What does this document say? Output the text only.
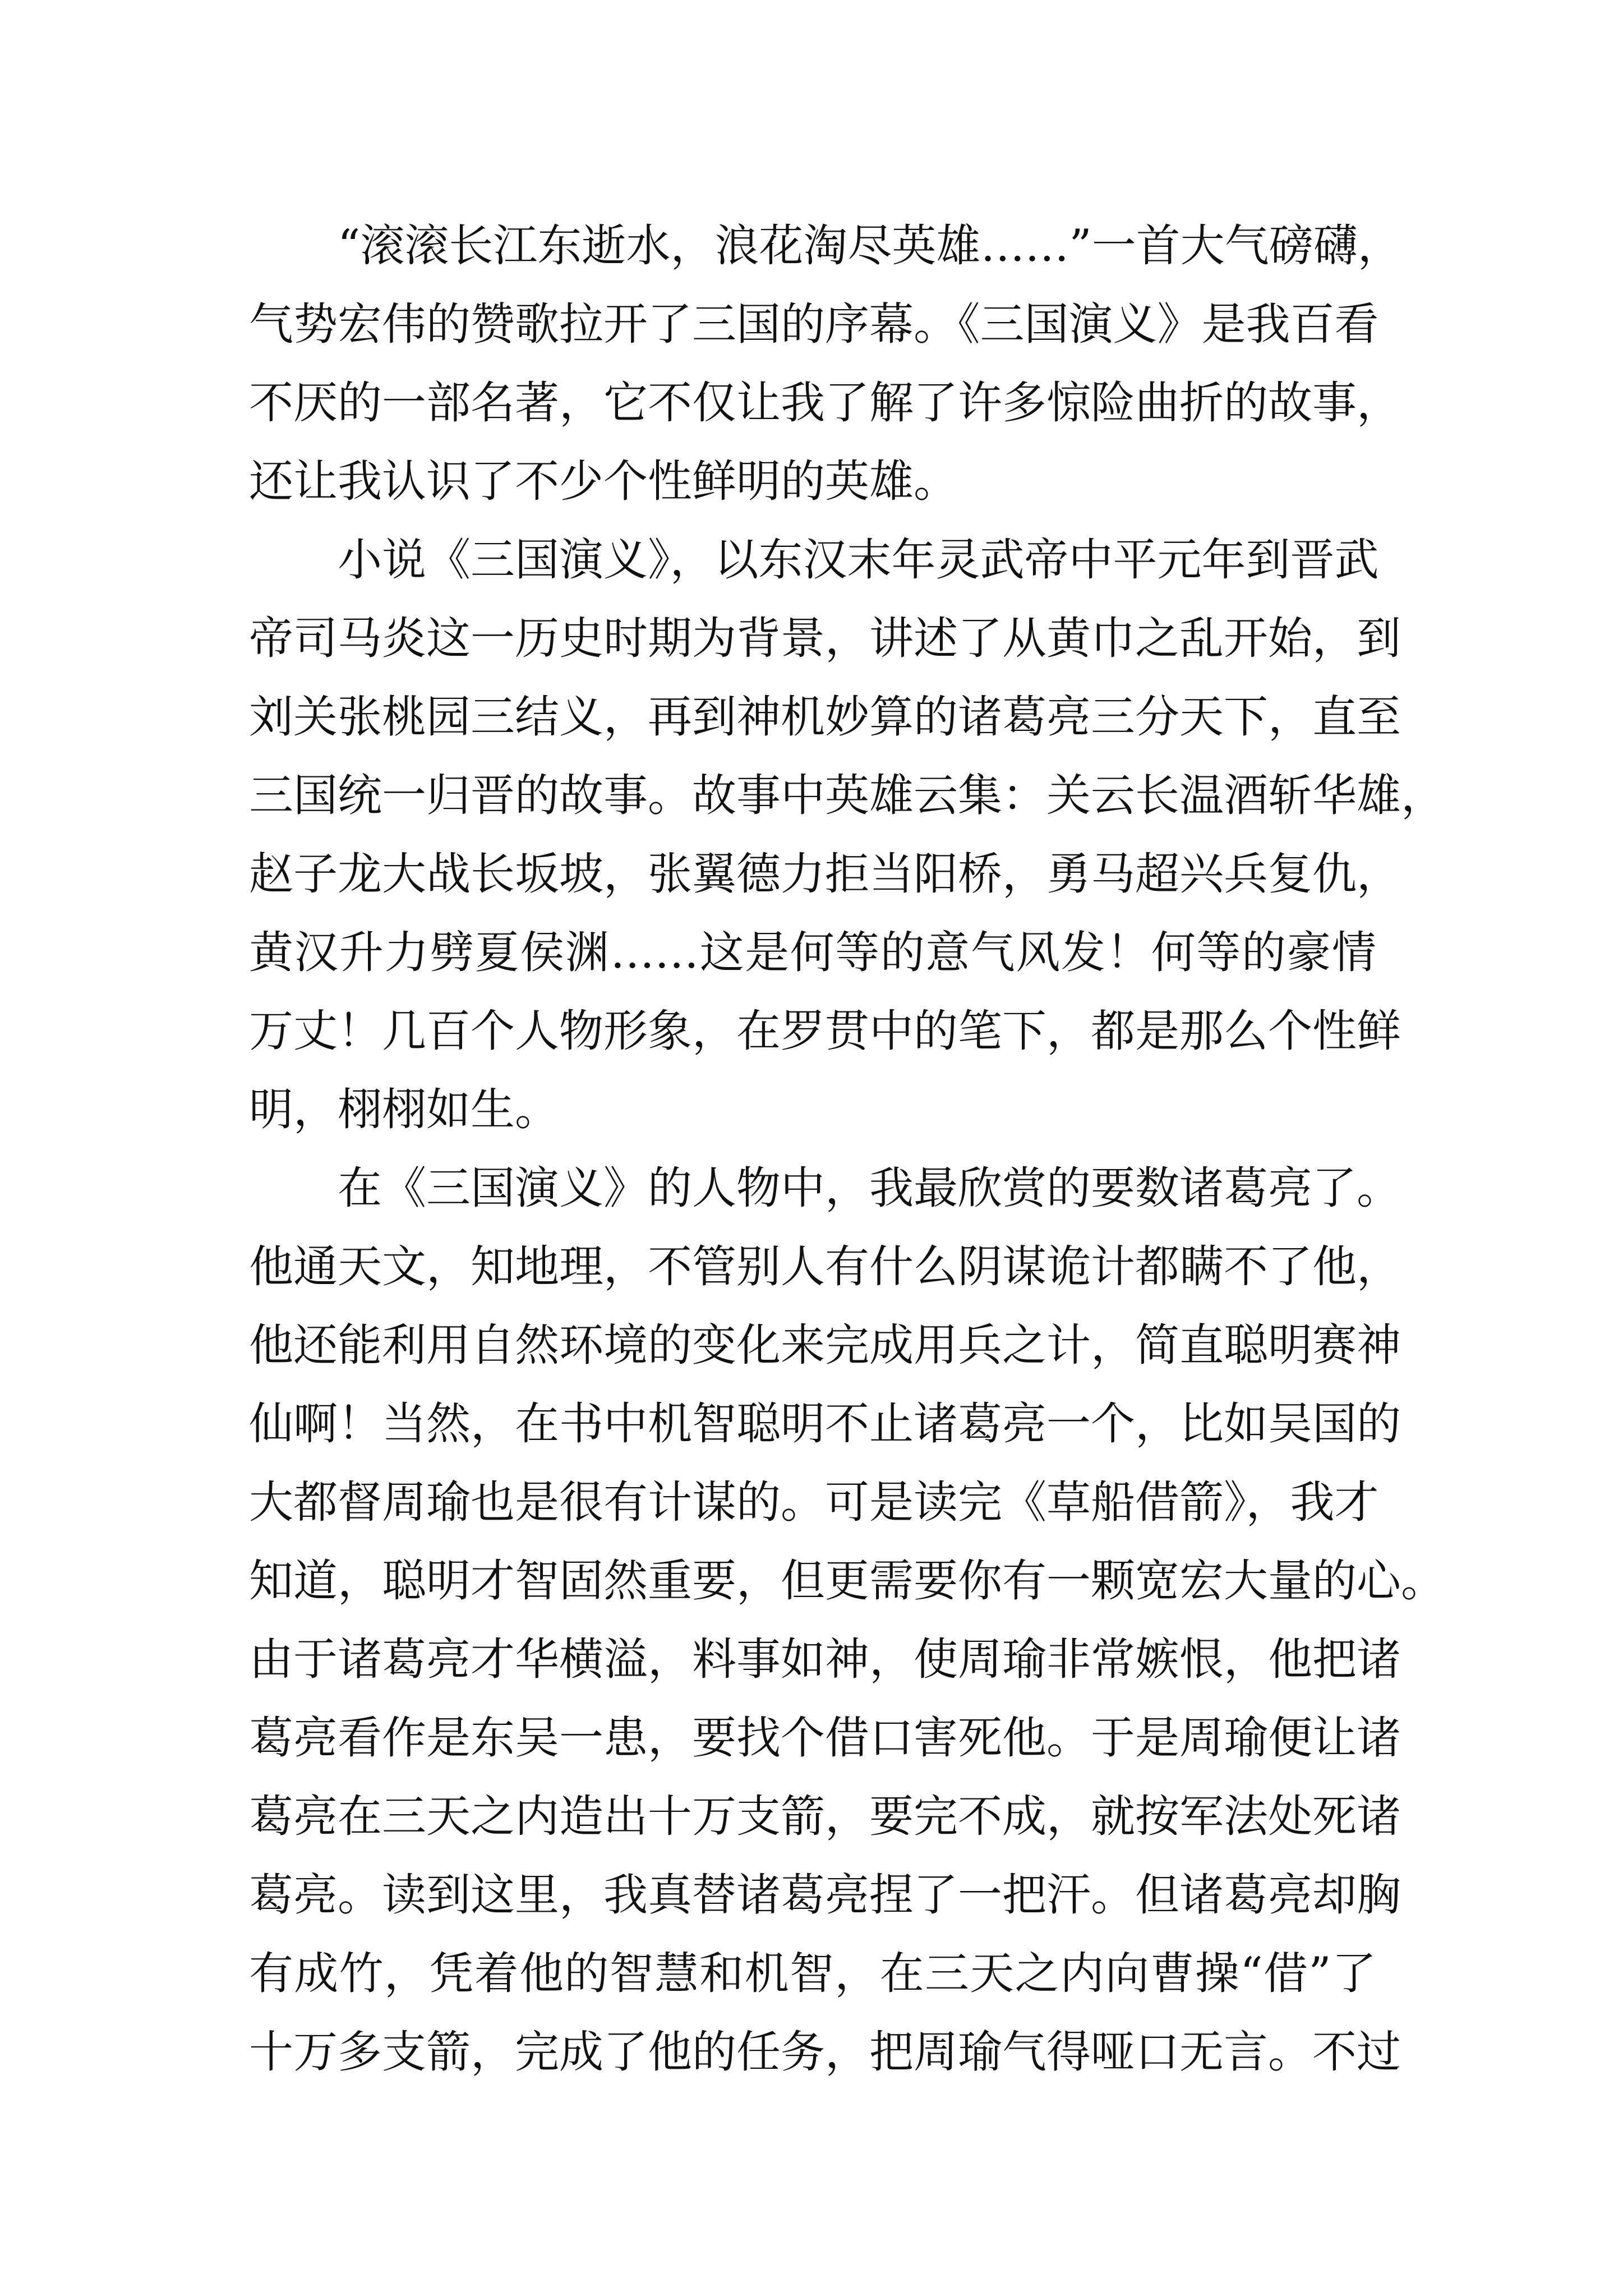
“滚滚长江东逝水，浪花淘尽英雄……”一首大气磅礴，
气势宏伟的赞歌拉开了三国的序幕。《三国演义》是我百看
不厌的一部名著，它不仅让我了解了许多惊险曲折的故事，
还让我认识了不少个性鲜明的英雄。
小说《三国演义》，以东汉末年灵武帝中平元年到晋武
帝司马炎这一历史时期为背景，讲述了从黄巾之乱开始，到
刘关张桃园三结义，再到神机妙算的诸葛亮三分天下，直至
三国统一归晋的故事。故事中英雄云集：关云长温酒斩华雄，
赵子龙大战长坂坡，张翼德力拒当阳桥，勇马超兴兵复仇，
黄汉升力劈夏侯渊……这是何等的意气风发！何等的豪情
万丈！几百个人物形象，在罗贯中的笔下，都是那么个性鲜
明，栩栩如生。
在《三国演义》的人物中，我最欣赏的要数诸葛亮了。
他通天文，知地理，不管别人有什么阴谋诡计都瞒不了他，
他还能利用自然环境的变化来完成用兵之计，简直聪明赛神
仙啊！当然，在书中机智聪明不止诸葛亮一个，比如吴国的
大都督周瑜也是很有计谋的。可是读完《草船借箭》，我才
知道，聪明才智固然重要，但更需要你有一颗宽宏大量的心。
由于诸葛亮才华横溢，料事如神，使周瑜非常嫉恨，他把诸
葛亮看作是东吴一患，要找个借口害死他。于是周瑜便让诸
葛亮在三天之内造出十万支箭，要完不成，就按军法处死诸
葛亮。读到这里，我真替诸葛亮捏了一把汗。但诸葛亮却胸
有成竹，凭着他的智慧和机智，在三天之内向曹操“借”了
十万多支箭，完成了他的任务，把周瑜气得哑口无言。不过
